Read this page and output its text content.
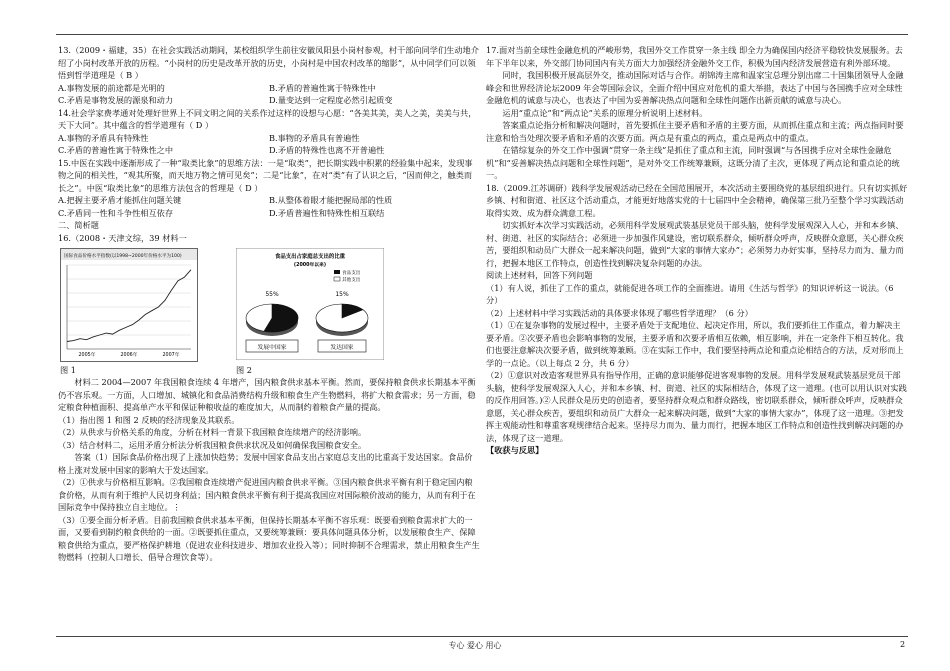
13.（2009・福建，35）在社会实践活动期间，某校组织学生前往安徽凤阳县小岗村参观，村干部向同学们生动地介绍了小岗村改革开放的历程。“小岗村的历史是改革开放的历史，小岗村是中国农村改革的缩影”，从中同学们可以领悟到哲学道理是（ B ）

A.事物发展的前途都是光明的	B.矛盾的普遍性寓于特殊性中
C.矛盾是事物发展的源泉和动力	D.量变达到一定程度必然引起质变

14.社会学家费孝通对处理好世界上不同文明之间的关系作过这样的设想与心愿：“各美其美，美人之美，美美与共，天下大同”。其中蕴含的哲学道理有（ D ）

A.事物的矛盾具有特殊性	B.事物的矛盾具有普遍性
C.矛盾的普遍性寓于特殊性之中	D.矛盾的特殊性也离不开普遍性

15.中医在实践中逐渐形成了一种“取类比象”的思维方法：一是“取类”，把长期实践中积累的经验集中起来，发现事物之间的相关性，“观其所聚，而天地万物之情可见矣”；二是“比象”，在对“类”有了认识之后，“因而伸之，触类而长之”。中医“取类比象”的思维方法包含的哲理是（ D ）

A.把握主要矛盾才能抓住问题关键	B.从整体着眼才能把握局部的性质
C.矛盾同一性和斗争性相互依存	D.矛盾普遍性和特殊性相互联结

二、简析题

16.（2008・天津文综，39 材料一

国际食品价格水平指数(以1998~2000年价格水平为100)
2005年	2006年	2007年
食品支出占家庭总支出的比重
(2000年以来)
食品支出
其他支出
55%	15%
发展中国家	发达国家
图 1	图 2

材料二 2004—2007 年我国粮食连续 4 年增产，国内粮食供求基本平衡。然而，要保持粮食供求长期基本平衡仍不容乐观。一方面，人口增加、城镇化和食品消费结构升级和粮食生产生物燃料，将扩大粮食需求；另一方面，稳定粮食种植面积、提高单产水平和保证种粮收益的难度加大，从而制约着粮食产量的提高。

（1）指出图 1 和图 2 反映的经济现象及其联系。

（2）从供求与价格关系的角度，分析在材料一背景下我国粮食连续增产的经济影响。

（3）结合材料二，运用矛盾分析法分析我国粮食供求状况及如何确保我国粮食安全。

答案（1）国际食品价格出现了上涨加快趋势；发展中国家食品支出占家庭总支出的比重高于发达国家。食品价格上涨对发展中国家的影响大于发达国家。

（2）①供求与价格相互影响。②我国粮食连续增产促进国内粮食供求平衡。③国内粮食供求平衡有利于稳定国内粮食价格，从而有利于维护人民切身利益；国内粮食供求平衡有利于提高我国应对国际粮价波动的能力，从而有利于在国际竞争中保持独立自主地位。⋮

（3）①要全面分析矛盾。目前我国粮食供求基本平衡，但保持长期基本平衡不容乐观：既要看到粮食需求扩大的一面，又要看到制约粮食供给的一面。②既要抓住重点，又要统筹兼顾：要具体问题具体分析，以发展粮食生产、保障粮食供给为重点，要严格保护耕地（促进农业科技进步、增加农业投入等）；同时抑制不合理需求，禁止用粮食生产生物燃料（控制人口增长、倡导合理饮食等）。

17.面对当前全球性金融危机的严峻形势，我国外交工作贯穿一条主线 即全力为确保国内经济平稳较快发展服务。去年下半年以来，外交部门协同国内有关方面大力加强经济金融外交工作，积极为国内经济发展营造有利外部环境。

同时，我国积极开展高层外交，推动国际对话与合作。胡锦涛主席和温家宝总理分别出席二十国集团领导人金融峰会和世界经济论坛2009 年会等国际会议，全面介绍中国应对危机的重大举措，表达了中国与各国携手应对全球性金融危机的诚意与决心，也表达了中国为妥善解决热点问题和全球性问题作出新贡献的诚意与决心。

运用“重点论”和“两点论”关系的原理分析说明上述材料。

答案重点论指分析和解决问题时，首先要抓住主要矛盾和矛盾的主要方面，从而抓住重点和主流；两点指同时要注意和恰当处理次要矛盾和矛盾的次要方面。两点是有重点的两点，重点是两点中的重点。

在错综复杂的外交工作中强调“贯穿一条主线”是抓住了重点和主流，同时强调“与各国携手应对全球性金融危机”和“妥善解决热点问题和全球性问题”，是对外交工作统筹兼顾，这既分清了主次，更体现了两点论和重点论的统一。

18.（2009.江苏调研）践科学发展观活动已经在全国范围展开，本次活动主要围绕党的基层组织进行。只有切实抓好乡镇、村和街道、社区这个活动重点，才能更好地落实党的十七届四中全会精神，确保第三批乃至整个学习实践活动取得实效、成为群众满意工程。

切实抓好本次学习实践活动，必须用科学发展观武装基层党员干部头脑，使科学发展观深入人心，并和本乡镇、村、街道、社区的实际结合；必须进一步加强作风建设，密切联系群众，倾听群众呼声，反映群众意愿，关心群众疾苦，要组织和动员广大群众一起来解决问题，做到“大家的事情大家办”；必须努力办好实事，坚持尽力而为、量力而行，把握本地区工作特点，创造性找到解决复杂问题的办法。

阅读上述材料，回答下列问题

（1）有人说，抓住了工作的重点，就能促进各项工作的全面推进。请用《生活与哲学》的知识评析这一说法。（6 分）

（2）上述材料中学习实践活动的具体要求体现了哪些哲学道理？（6 分）

（1）①在复杂事物的发展过程中，主要矛盾处于支配地位、起决定作用，所以，我们要抓住工作重点，着力解决主要矛盾。②次要矛盾也会影响事物的发展，主要矛盾和次要矛盾相互依赖，相互影响，并在一定条件下相互转化。我们也要注意解决次要矛盾，做到统筹兼顾。③在实际工作中，我们要坚持两点论和重点论相结合的方法，反对形而上学的一点论。（以上每点 2 分，共 6 分）

（2）①意识对改造客观世界具有指导作用，正确的意识能够促进客观事物的发展。用科学发展观武装基层党员干部头脑，使科学发展观深入人心，并和本乡镇、村、街道、社区的实际相结合，体现了这一道理。(也可以用认识对实践的反作用回答。)②人民群众是历史的创造者，要坚持群众观点和群众路线，密切联系群众，倾听群众呼声，反映群众意愿，关心群众疾苦，要组织和动员广大群众一起来解决问题，做到“大家的事情大家办”，体现了这一道理。③把发挥主观能动性和尊重客观规律结合起来。坚持尽力而为、量力而行，把握本地区工作特点和创造性找到解决问题的办法，体现了这一道理。

【收获与反思】

专心 爱心 用心	2
